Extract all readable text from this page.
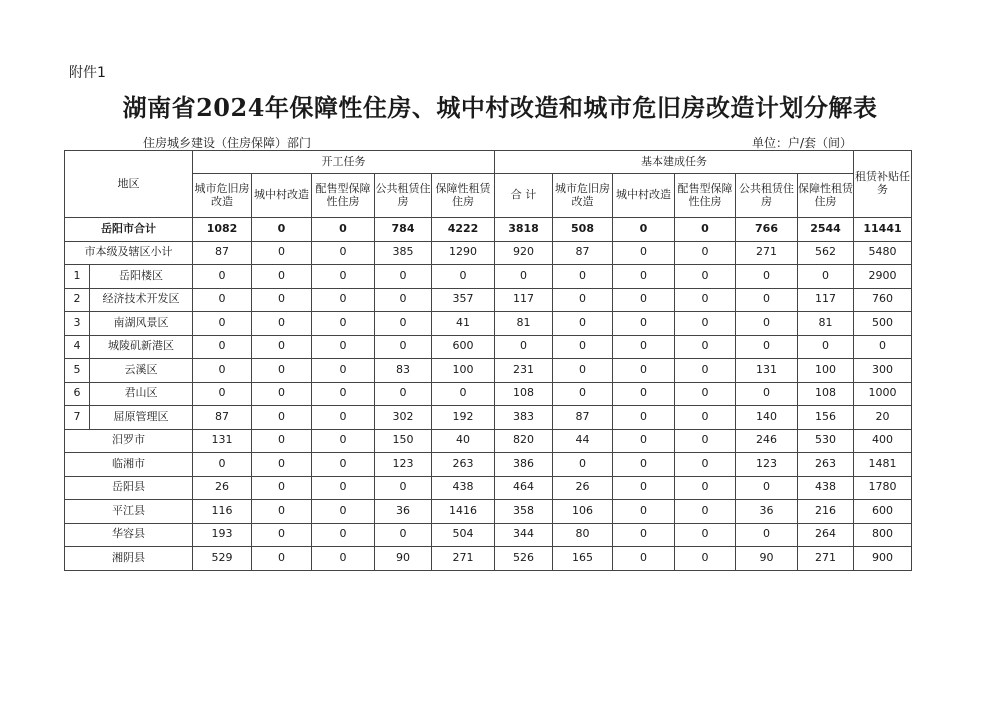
附件1
湖南省2024年保障性住房、城中村改造和城市危旧房改造计划分解表
住房城乡建设（住房保障）部门	单位：户/套（间）
地区		开工任务					基本建成任务						租赁补贴任务
		城市危旧房改造	城中村改造	配售型保障性住房	公共租赁住房	保障性租赁住房	合 计	城市危旧房改造	城中村改造	配售型保障性住房	公共租赁住房	保障性租赁住房	
岳阳市合计		1082	0	0	784	4222	3818	508	0	0	766	2544	11441
市本级及辖区小计		87	0	0	385	1290	920	87	0	0	271	562	5480
1	岳阳楼区	0	0	0	0	0	0	0	0	0	0	0	2900
2	经济技术开发区	0	0	0	0	357	117	0	0	0	0	117	760
3	南湖风景区	0	0	0	0	41	81	0	0	0	0	81	500
4	城陵矶新港区	0	0	0	0	600	0	0	0	0	0	0	0
5	云溪区	0	0	0	83	100	231	0	0	0	131	100	300
6	君山区	0	0	0	0	0	108	0	0	0	0	108	1000
7	屈原管理区	87	0	0	302	192	383	87	0	0	140	156	20
汨罗市		131	0	0	150	40	820	44	0	0	246	530	400
临湘市		0	0	0	123	263	386	0	0	0	123	263	1481
岳阳县		26	0	0	0	438	464	26	0	0	0	438	1780
平江县		116	0	0	36	1416	358	106	0	0	36	216	600
华容县		193	0	0	0	504	344	80	0	0	0	264	800
湘阴县		529	0	0	90	271	526	165	0	0	90	271	900
